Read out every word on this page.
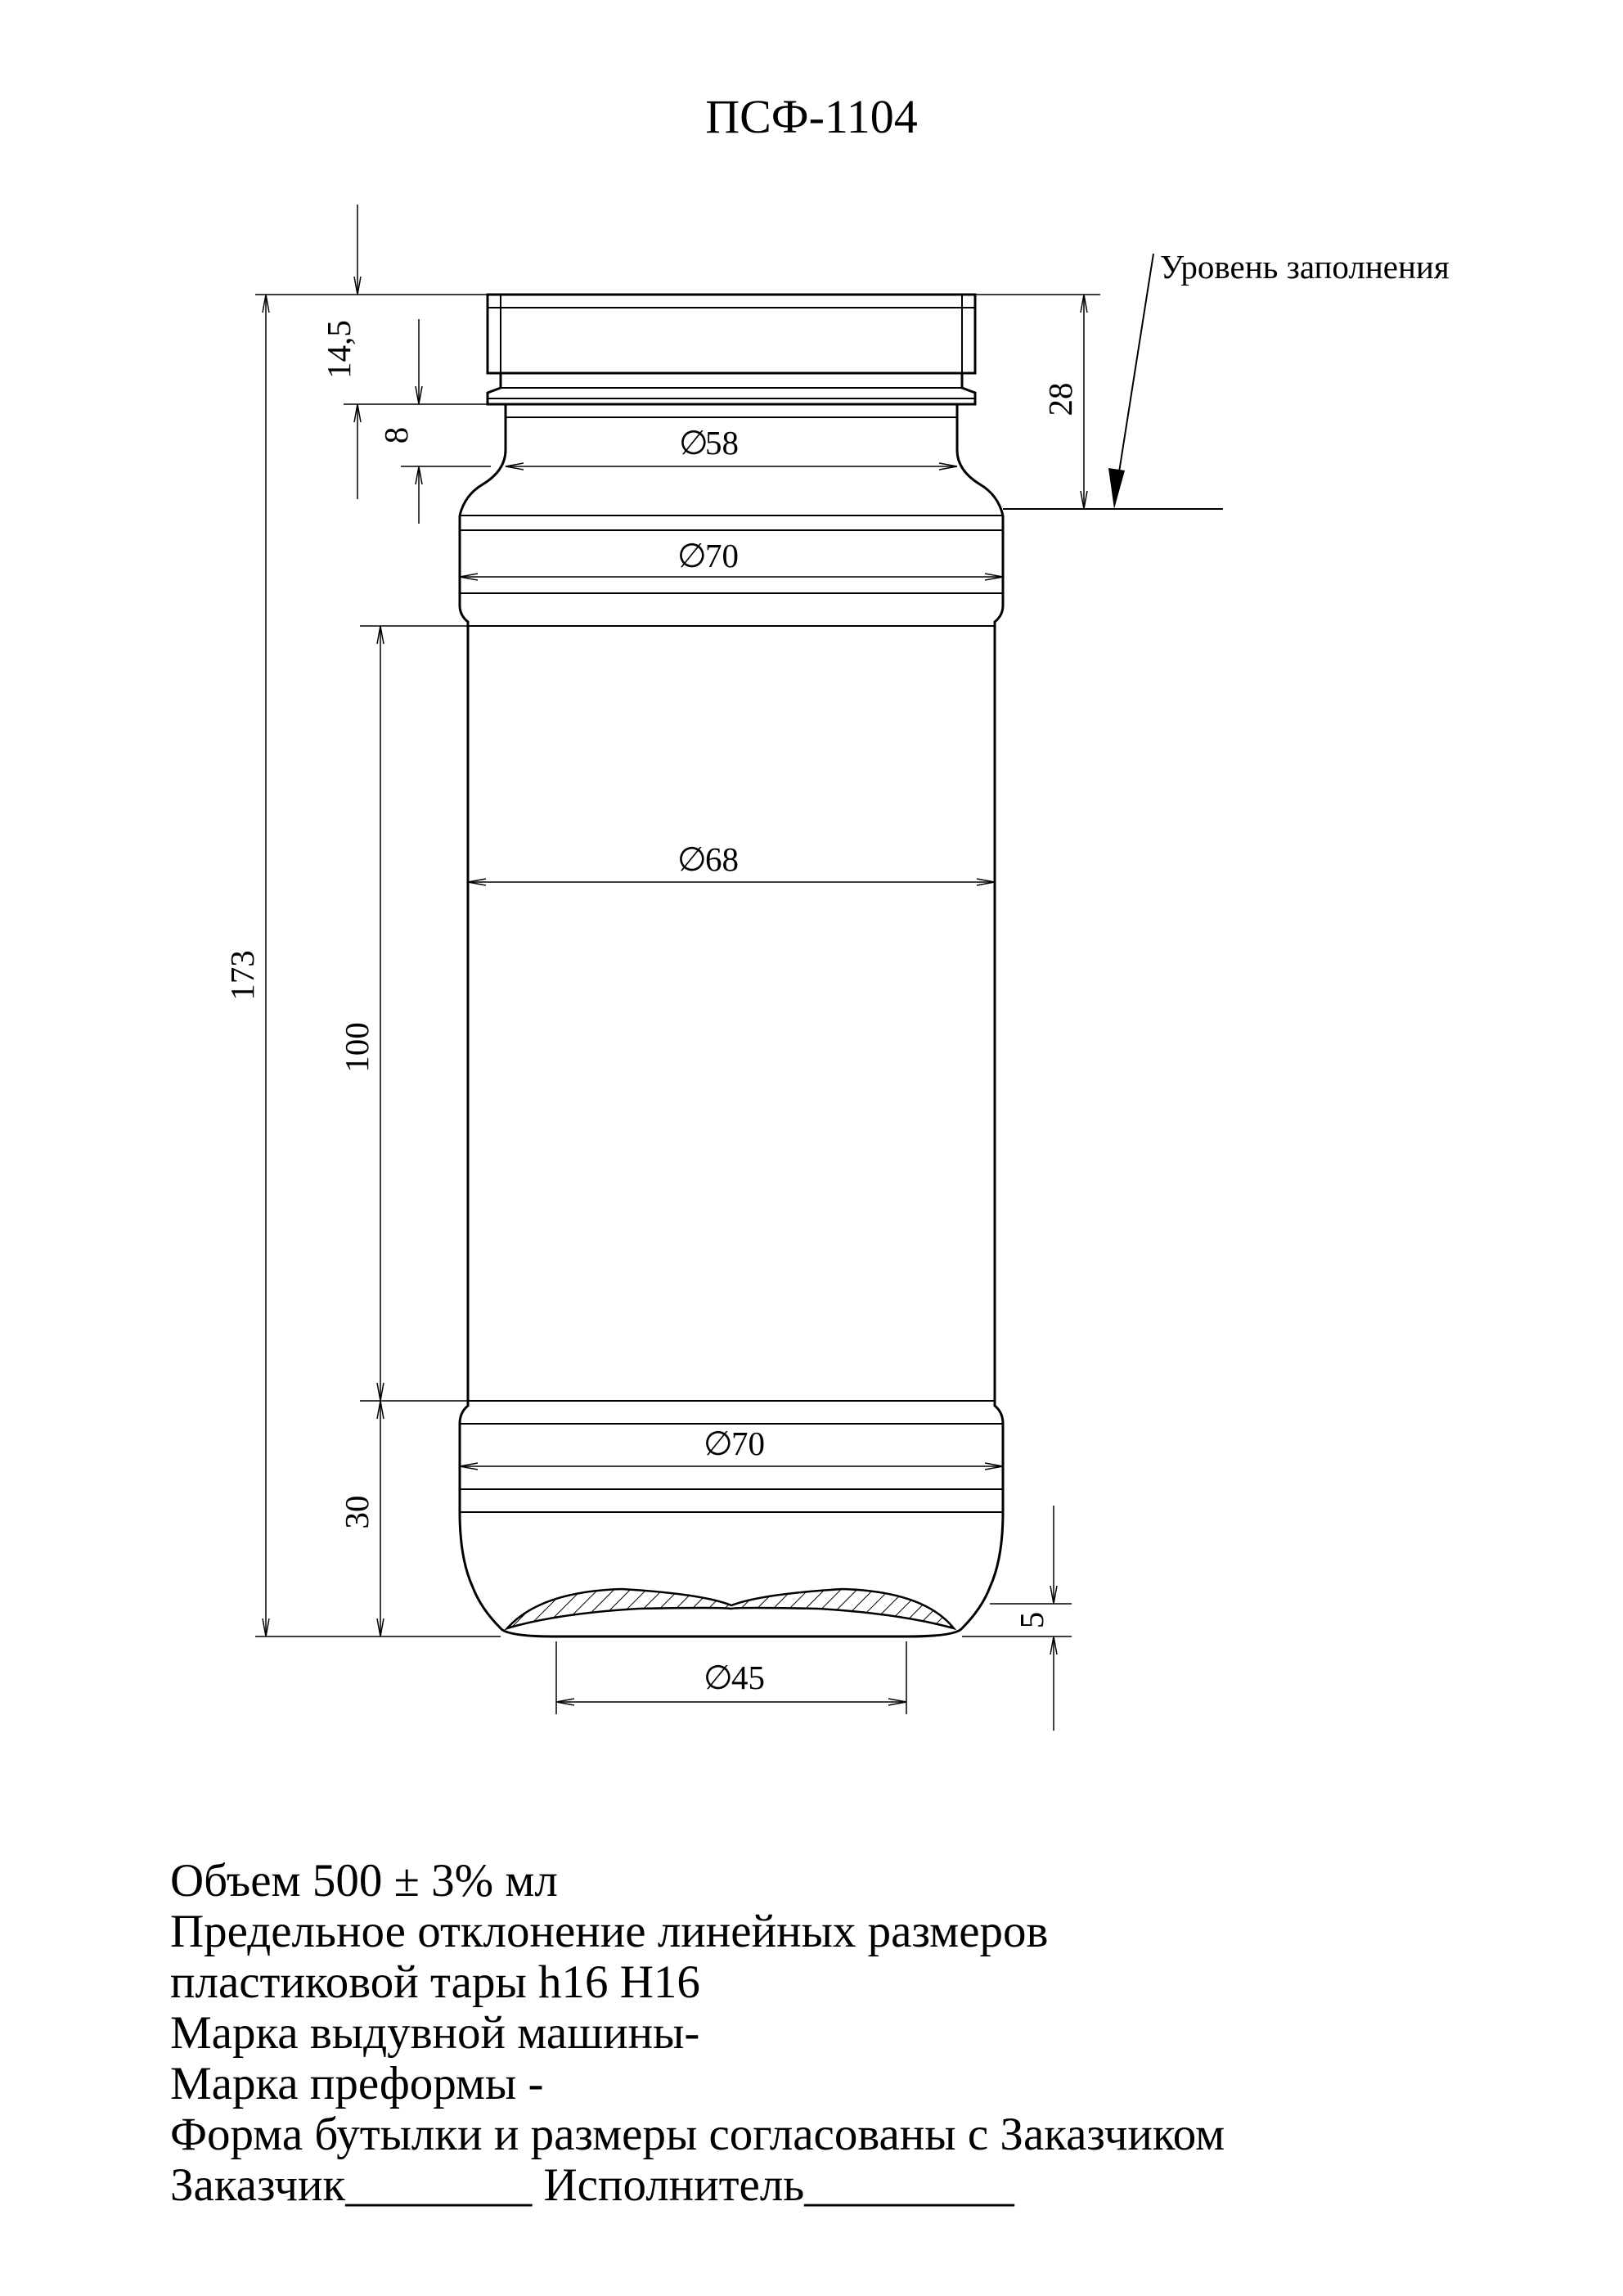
ПСФ-1104
Уровень заполнения
∅
58
∅
70
∅
68
∅
70
∅
45
14,5
8
28
173
100
30
5
Объем 500 ± 3% мл
Предельное отклонение линейных размеров
пластиковой тары h16 H16
Марка выдувной машины-
Марка преформы -
Форма бутылки и размеры согласованы с Заказчиком
Заказчик________ Исполнитель_________
